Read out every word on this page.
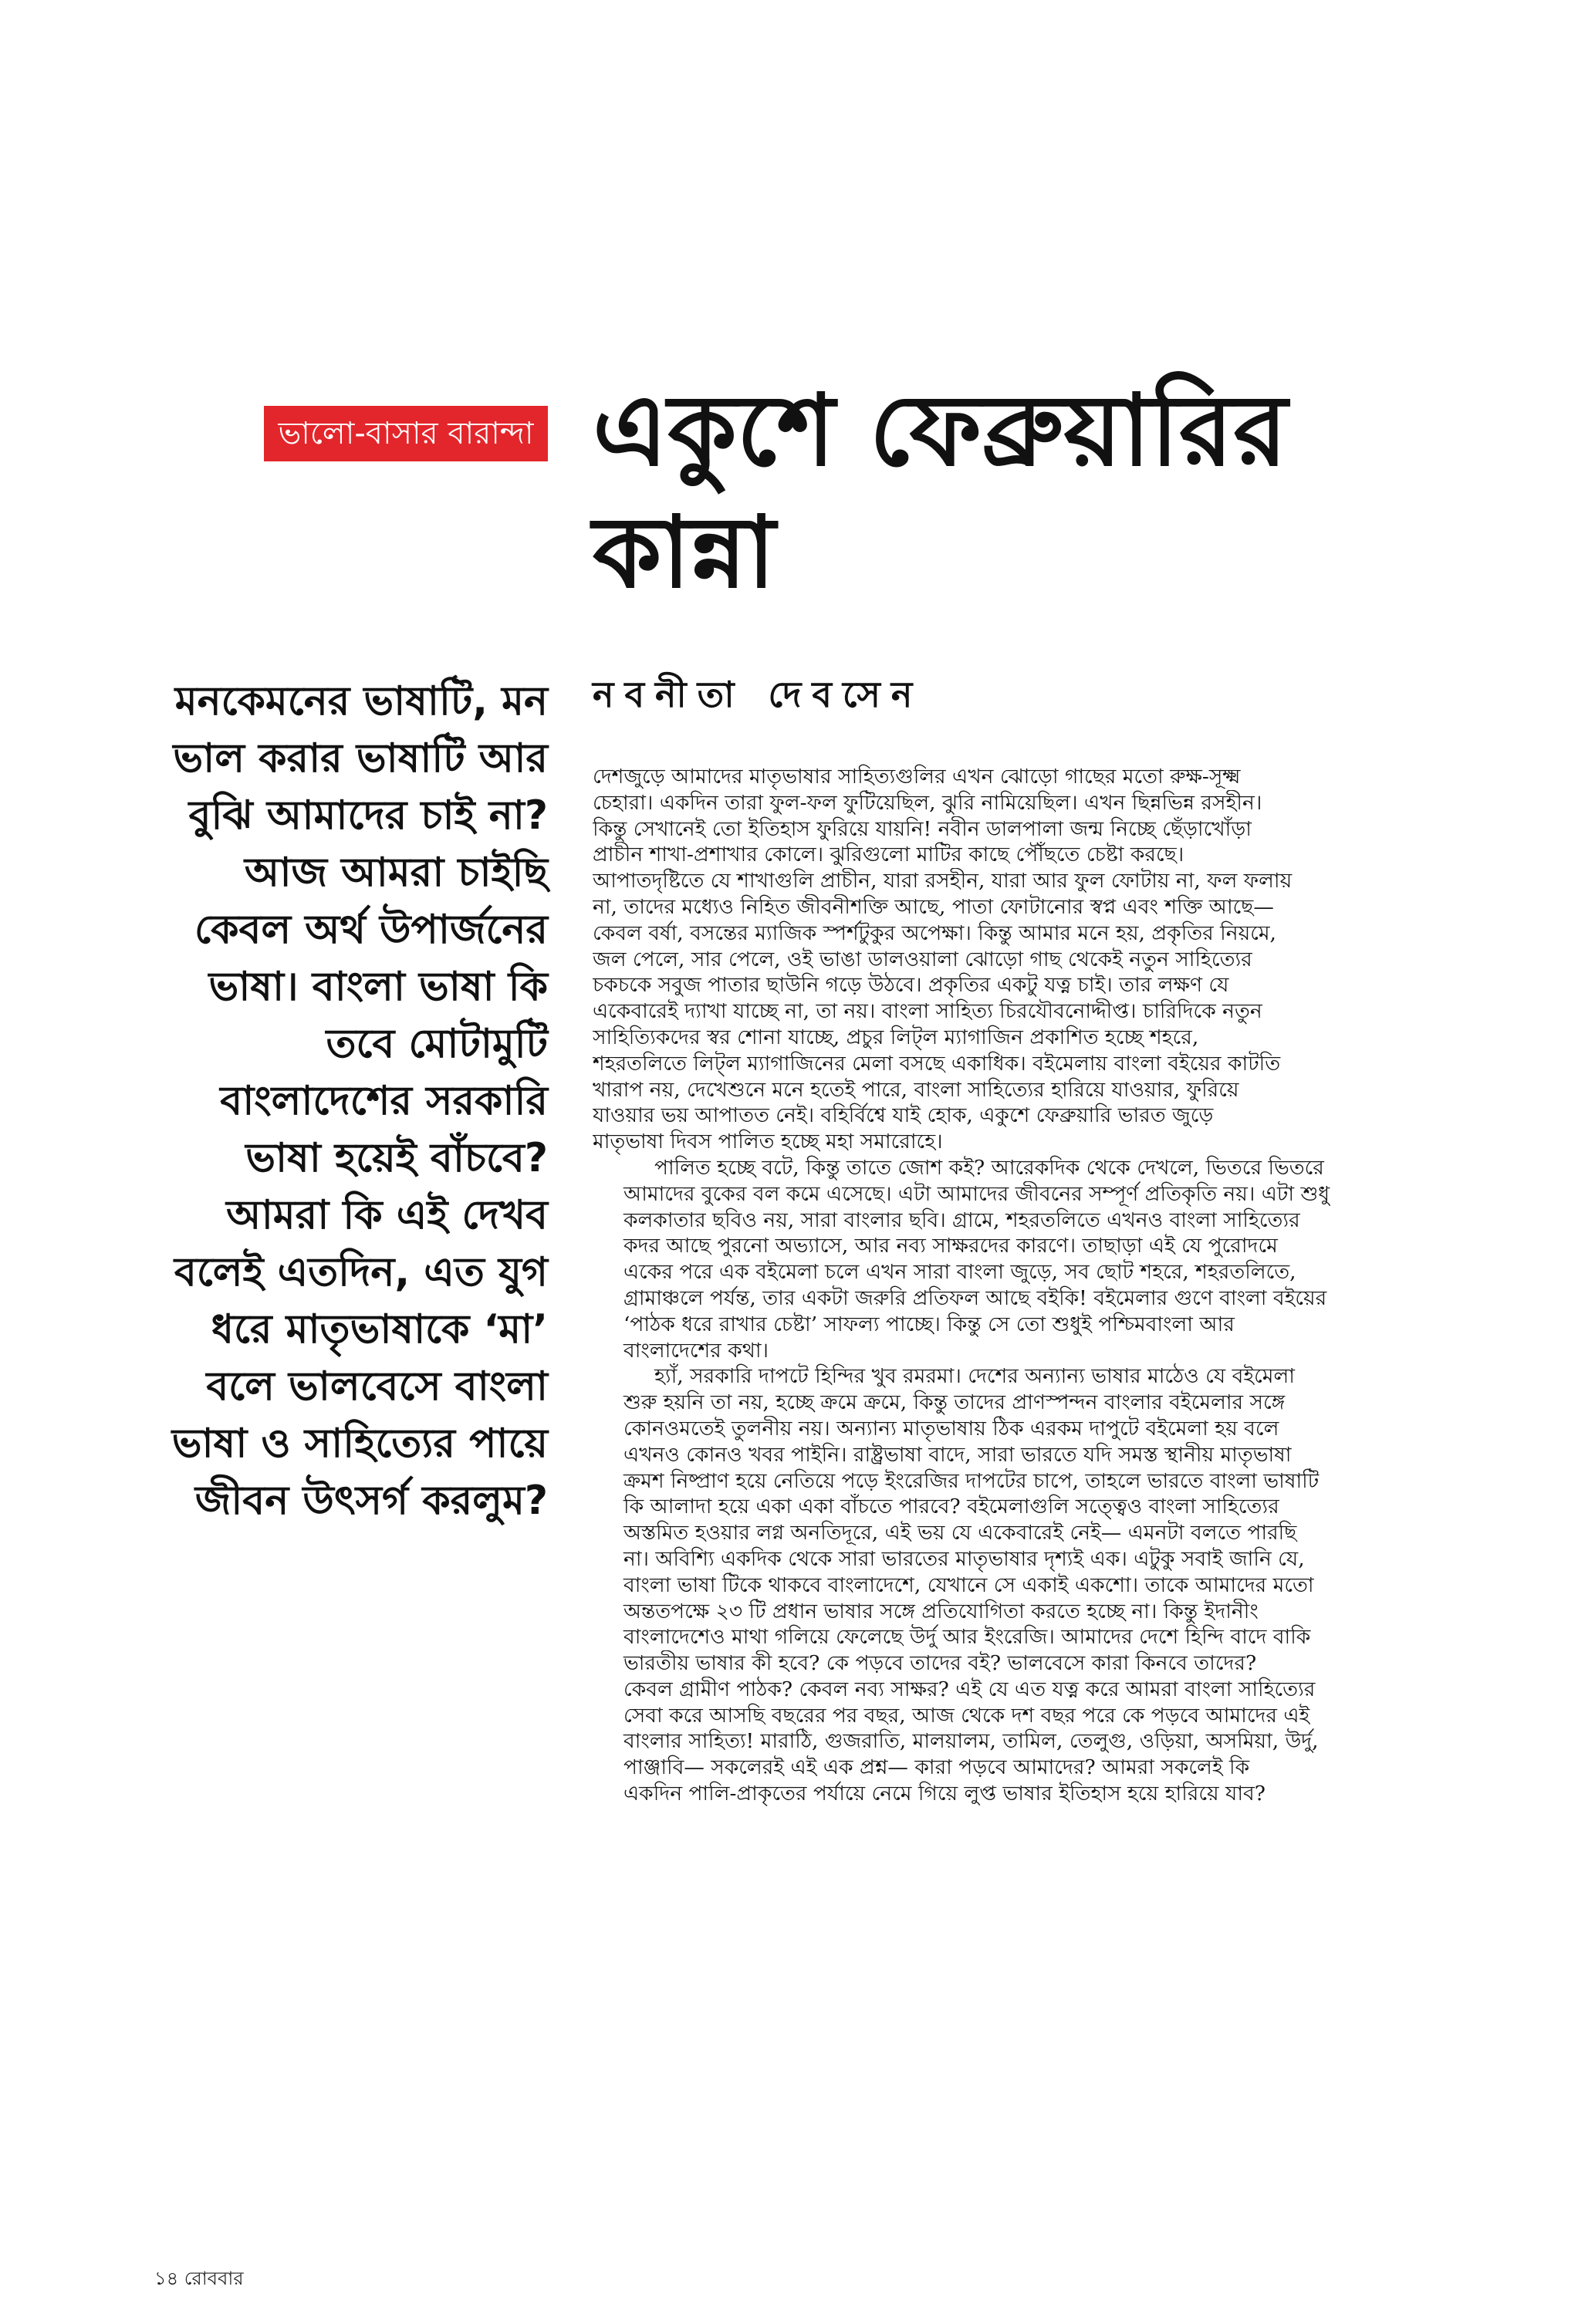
ভালো-বাসার বারান্দা একুশে ফেব্রুয়ারির কান্না
নবনীতা দেবসেন
মনকেমনের ভাষাটি, মন
ভাল করার ভাষাটি আর
বুঝি আমাদের চাই না?
আজ আমরা চাইছি
কেবল অর্থ উপার্জনের
ভাষা। বাংলা ভাষা কি
তবে মোটামুটি
বাংলাদেশের সরকারি
ভাষা হয়েই বাঁচবে?
আমরা কি এই দেখব
বলেই এতদিন, এত যুগ
ধরে মাতৃভাষাকে ‘মা’
বলে ভালবেসে বাংলা
ভাষা ও সাহিত্যের পায়ে
জীবন উৎসর্গ করলুম?

দেশজুড়ে আমাদের মাতৃভাষার সাহিত্যগুলির এখন ঝোড়ো গাছের মতো রুক্ষ-সূক্ষ্ম
চেহারা। একদিন তারা ফুল-ফল ফুটিয়েছিল, ঝুরি নামিয়েছিল। এখন ছিন্নভিন্ন রসহীন।
কিন্তু সেখানেই তো ইতিহাস ফুরিয়ে যায়নি! নবীন ডালপালা জন্ম নিচ্ছে ছেঁড়াখোঁড়া
প্রাচীন শাখা-প্রশাখার কোলে। ঝুরিগুলো মাটির কাছে পৌঁছতে চেষ্টা করছে।
আপাতদৃষ্টিতে যে শাখাগুলি প্রাচীন, যারা রসহীন, যারা আর ফুল ফোটায় না, ফল ফলায়
না, তাদের মধ্যেও নিহিত জীবনীশক্তি আছে, পাতা ফোটানোর স্বপ্ন এবং শক্তি আছে—
কেবল বর্ষা, বসন্তের ম্যাজিক স্পর্শটুকুর অপেক্ষা। কিন্তু আমার মনে হয়, প্রকৃতির নিয়মে,
জল পেলে, সার পেলে, ওই ভাঙা ডালওয়ালা ঝোড়ো গাছ থেকেই নতুন সাহিত্যের
চকচকে সবুজ পাতার ছাউনি গড়ে উঠবে। প্রকৃতির একটু যত্ন চাই। তার লক্ষণ যে
একেবারেই দ্যাখা যাচ্ছে না, তা নয়। বাংলা সাহিত্য চিরযৌবনোদ্দীপ্ত। চারিদিকে নতুন
সাহিত্যিকদের স্বর শোনা যাচ্ছে, প্রচুর লিট্‌ল ম্যাগাজিন প্রকাশিত হচ্ছে শহরে,
শহরতলিতে লিট্‌ল ম্যাগাজিনের মেলা বসছে একাধিক। বইমেলায় বাংলা বইয়ের কাটতি
খারাপ নয়, দেখেশুনে মনে হতেই পারে, বাংলা সাহিত্যের হারিয়ে যাওয়ার, ফুরিয়ে
যাওয়ার ভয় আপাতত নেই। বহির্বিশ্বে যাই হোক, একুশে ফেব্রুয়ারি ভারত জুড়ে
মাতৃভাষা দিবস পালিত হচ্ছে মহা সমারোহে।

পালিত হচ্ছে বটে, কিন্তু তাতে জোশ কই? আরেকদিক থেকে দেখলে, ভিতরে ভিতরে
আমাদের বুকের বল কমে এসেছে। এটা আমাদের জীবনের সম্পূর্ণ প্রতিকৃতি নয়। এটা শুধু
কলকাতার ছবিও নয়, সারা বাংলার ছবি। গ্রামে, শহরতলিতে এখনও বাংলা সাহিত্যের
কদর আছে পুরনো অভ্যাসে, আর নব্য সাক্ষরদের কারণে। তাছাড়া এই যে পুরোদমে
একের পরে এক বইমেলা চলে এখন সারা বাংলা জুড়ে, সব ছোট শহরে, শহরতলিতে,
গ্রামাঞ্চলে পর্যন্ত, তার একটা জরুরি প্রতিফল আছে বইকি! বইমেলার গুণে বাংলা বইয়ের
‘পাঠক ধরে রাখার চেষ্টা’ সাফল্য পাচ্ছে। কিন্তু সে তো শুধুই পশ্চিমবাংলা আর
বাংলাদেশের কথা।

হ্যাঁ, সরকারি দাপটে হিন্দির খুব রমরমা। দেশের অন্যান্য ভাষার মাঠেও যে বইমেলা
শুরু হয়নি তা নয়, হচ্ছে ক্রমে ক্রমে, কিন্তু তাদের প্রাণস্পন্দন বাংলার বইমেলার সঙ্গে
কোনওমতেই তুলনীয় নয়। অন্যান্য মাতৃভাষায় ঠিক এরকম দাপুটে বইমেলা হয় বলে
এখনও কোনও খবর পাইনি। রাষ্ট্রভাষা বাদে, সারা ভারতে যদি সমস্ত স্থানীয় মাতৃভাষা
ক্রমশ নিষ্প্রাণ হয়ে নেতিয়ে পড়ে ইংরেজির দাপটের চাপে, তাহলে ভারতে বাংলা ভাষাটি
কি আলাদা হয়ে একা একা বাঁচতে পারবে? বইমেলাগুলি সত্ত্বেও বাংলা সাহিত্যের
অস্তমিত হওয়ার লগ্ন অনতিদূরে, এই ভয় যে একেবারেই নেই— এমনটা বলতে পারছি
না। অবিশ্যি একদিক থেকে সারা ভারতের মাতৃভাষার দৃশ্যই এক। এটুকু সবাই জানি যে,
বাংলা ভাষা টিকে থাকবে বাংলাদেশে, যেখানে সে একাই একশো। তাকে আমাদের মতো
অন্ততপক্ষে ২৩ টি প্রধান ভাষার সঙ্গে প্রতিযোগিতা করতে হচ্ছে না। কিন্তু ইদানীং
বাংলাদেশেও মাথা গলিয়ে ফেলেছে উর্দু আর ইংরেজি। আমাদের দেশে হিন্দি বাদে বাকি
ভারতীয় ভাষার কী হবে? কে পড়বে তাদের বই? ভালবেসে কারা কিনবে তাদের?
কেবল গ্রামীণ পাঠক? কেবল নব্য সাক্ষর? এই যে এত যত্ন করে আমরা বাংলা সাহিত্যের
সেবা করে আসছি বছরের পর বছর, আজ থেকে দশ বছর পরে কে পড়বে আমাদের এই
বাংলার সাহিত্য! মারাঠি, গুজরাতি, মালয়ালম, তামিল, তেলুগু, ওড়িয়া, অসমিয়া, উর্দু,
পাঞ্জাবি— সকলেরই এই এক প্রশ্ন— কারা পড়বে আমাদের? আমরা সকলেই কি
একদিন পালি-প্রাকৃতের পর্যায়ে নেমে গিয়ে লুপ্ত ভাষার ইতিহাস হয়ে হারিয়ে যাব?

১৪ রোববার
